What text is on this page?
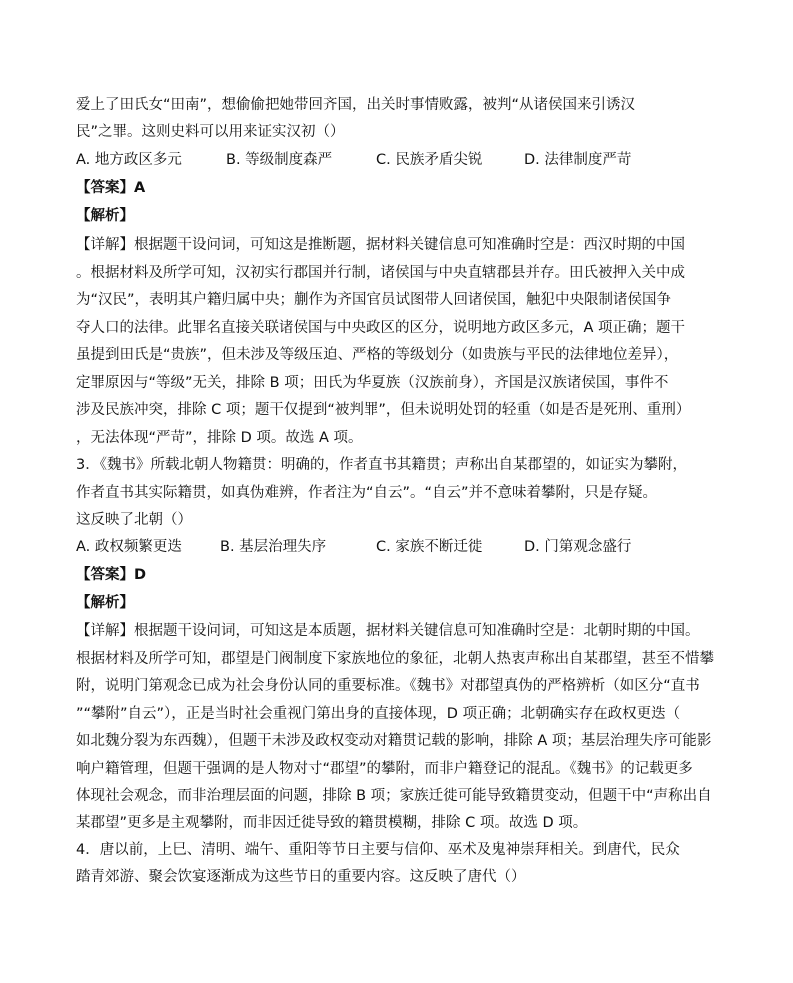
爱上了田氏女“田南”，想偷偷把她带回齐国，出关时事情败露，被判“从诸侯国来引诱汉
民”之罪。这则史料可以用来证实汉初（）
A. 地方政区多元	B. 等级制度森严	C. 民族矛盾尖锐	D. 法律制度严苛
【答案】A
【解析】
【详解】根据题干设问词，可知这是推断题，据材料关键信息可知准确时空是：西汉时期的中国
。根据材料及所学可知，汉初实行郡国并行制，诸侯国与中央直辖郡县并存。田氏被押入关中成
为“汉民”，表明其户籍归属中央；蒯作为齐国官员试图带人回诸侯国，触犯中央限制诸侯国争
夺人口的法律。此罪名直接关联诸侯国与中央政区的区分，说明地方政区多元，A 项正确；题干
虽提到田氏是“贵族”，但未涉及等级压迫、严格的等级划分（如贵族与平民的法律地位差异），
定罪原因与“等级”无关，排除 B 项；田氏为华夏族（汉族前身），齐国是汉族诸侯国，事件不
涉及民族冲突，排除 C 项；题干仅提到“被判罪”，但未说明处罚的轻重（如是否是死刑、重刑）
，无法体现“严苛”，排除 D 项。故选 A 项。
3．《魏书》所载北朝人物籍贯：明确的，作者直书其籍贯；声称出自某郡望的，如证实为攀附，
作者直书其实际籍贯，如真伪难辨，作者注为“自云”。“自云”并不意味着攀附，只是存疑。
这反映了北朝（）
A. 政权频繁更迭	B. 基层治理失序	C. 家族不断迁徙	D. 门第观念盛行
【答案】D
【解析】
【详解】根据题干设问词，可知这是本质题，据材料关键信息可知准确时空是：北朝时期的中国。
根据材料及所学可知，郡望是门阀制度下家族地位的象征，北朝人热衷声称出自某郡望，甚至不惜攀
附，说明门第观念已成为社会身份认同的重要标准。《魏书》对郡望真伪的严格辨析（如区分“直书
”“攀附”自云”），正是当时社会重视门第出身的直接体现，D 项正确；北朝确实存在政权更迭（
如北魏分裂为东西魏），但题干未涉及政权变动对籍贯记载的影响，排除 A 项；基层治理失序可能影
响户籍管理，但题干强调的是人物对寸“郡望”的攀附，而非户籍登记的混乱。《魏书》的记载更多
体现社会观念，而非治理层面的问题，排除 B 项；家族迁徙可能导致籍贯变动，但题干中“声称出自
某郡望”更多是主观攀附，而非因迁徙导致的籍贯模糊，排除 C 项。故选 D 项。
4．唐以前，上巳、清明、端午、重阳等节日主要与信仰、巫术及鬼神崇拜相关。到唐代，民众
踏青郊游、聚会饮宴逐渐成为这些节日的重要内容。这反映了唐代（）
